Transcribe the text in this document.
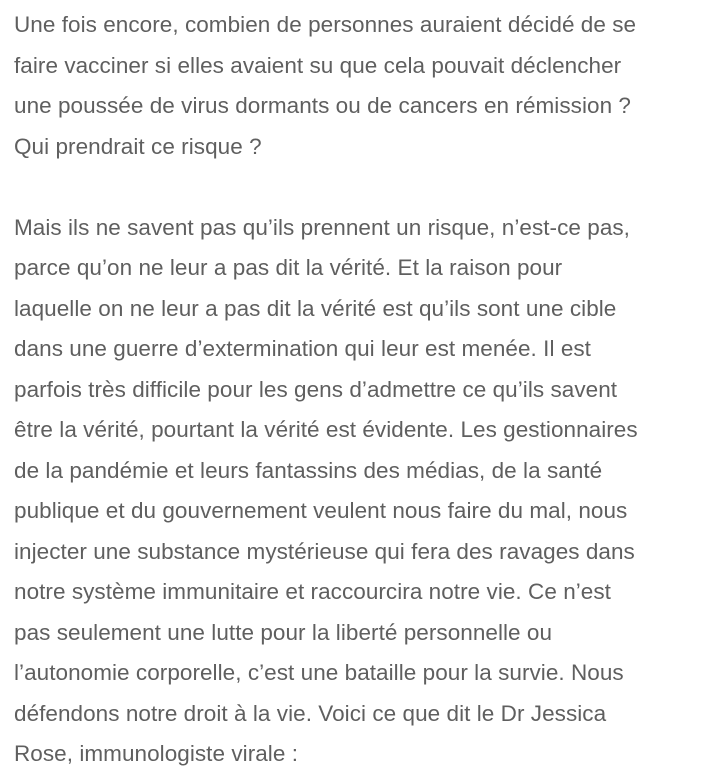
Une fois encore, combien de personnes auraient décidé de se
faire vacciner si elles avaient su que cela pouvait déclencher
une poussée de virus dormants ou de cancers en rémission ?
Qui prendrait ce risque ?

Mais ils ne savent pas qu’ils prennent un risque, n’est-ce pas,
parce qu’on ne leur a pas dit la vérité. Et la raison pour
laquelle on ne leur a pas dit la vérité est qu’ils sont une cible
dans une guerre d’extermination qui leur est menée. Il est
parfois très difficile pour les gens d’admettre ce qu’ils savent
être la vérité, pourtant la vérité est évidente. Les gestionnaires
de la pandémie et leurs fantassins des médias, de la santé
publique et du gouvernement veulent nous faire du mal, nous
injecter une substance mystérieuse qui fera des ravages dans
notre système immunitaire et raccourcira notre vie. Ce n’est
pas seulement une lutte pour la liberté personnelle ou
l’autonomie corporelle, c’est une bataille pour la survie. Nous
défendons notre droit à la vie. Voici ce que dit le Dr Jessica
Rose, immunologiste virale :
